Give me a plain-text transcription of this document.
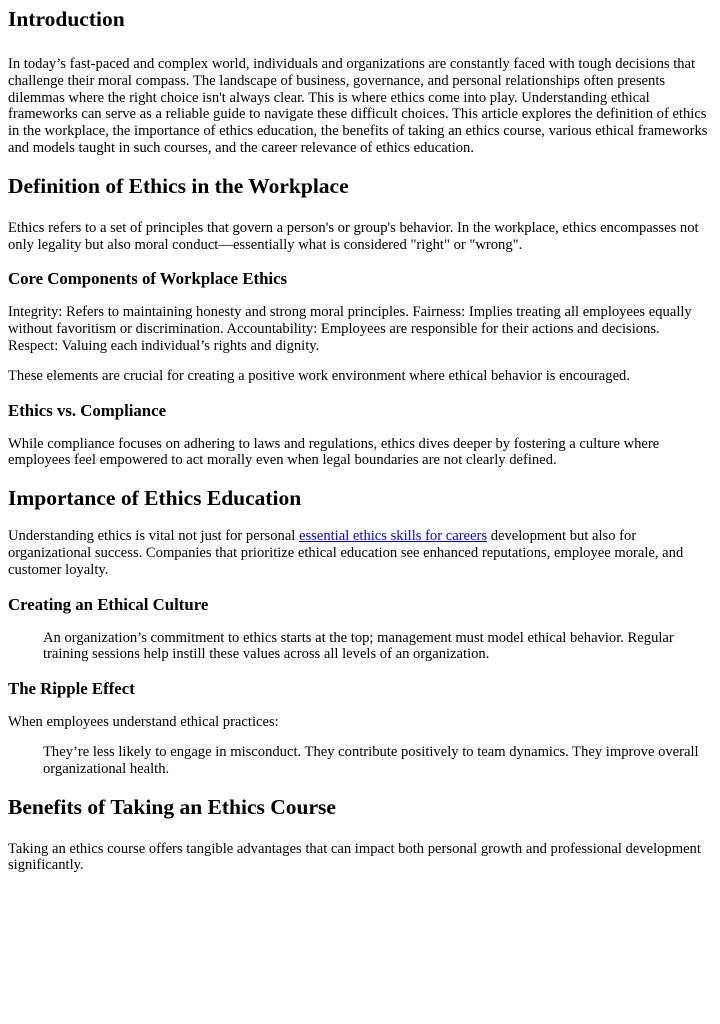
Introduction

In today’s fast-paced and complex world, individuals and organizations are constantly faced with tough decisions that challenge their moral compass. The landscape of business, governance, and personal relationships often presents dilemmas where the right choice isn't always clear. This is where ethics come into play. Understanding ethical frameworks can serve as a reliable guide to navigate these difficult choices. This article explores the definition of ethics in the workplace, the importance of ethics education, the benefits of taking an ethics course, various ethical frameworks and models taught in such courses, and the career relevance of ethics education.

Definition of Ethics in the Workplace

Ethics refers to a set of principles that govern a person's or group's behavior. In the workplace, ethics encompasses not only legality but also moral conduct—essentially what is considered "right" or "wrong".

Core Components of Workplace Ethics

Integrity: Refers to maintaining honesty and strong moral principles. Fairness: Implies treating all employees equally without favoritism or discrimination. Accountability: Employees are responsible for their actions and decisions. Respect: Valuing each individual’s rights and dignity.

These elements are crucial for creating a positive work environment where ethical behavior is encouraged.

Ethics vs. Compliance

While compliance focuses on adhering to laws and regulations, ethics dives deeper by fostering a culture where employees feel empowered to act morally even when legal boundaries are not clearly defined.

Importance of Ethics Education

Understanding ethics is vital not just for personal essential ethics skills for careers development but also for organizational success. Companies that prioritize ethical education see enhanced reputations, employee morale, and customer loyalty.

Creating an Ethical Culture
An organization’s commitment to ethics starts at the top; management must model ethical behavior. Regular training sessions help instill these values across all levels of an organization.
The Ripple Effect

When employees understand ethical practices:

They’re less likely to engage in misconduct. They contribute positively to team dynamics. They improve overall organizational health.
Benefits of Taking an Ethics Course

Taking an ethics course offers tangible advantages that can impact both personal growth and professional development significantly.
